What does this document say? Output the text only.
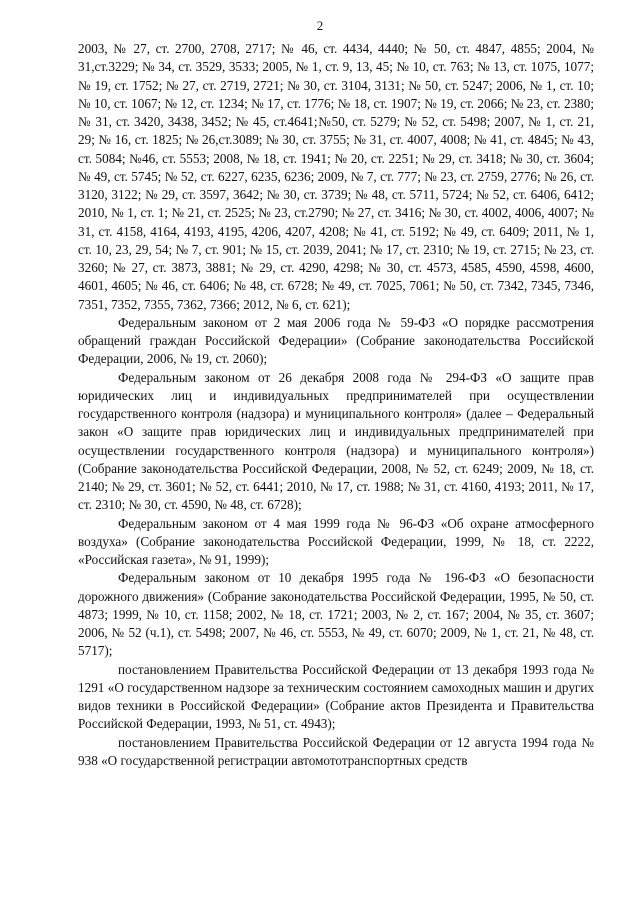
2

2003, № 27, ст. 2700, 2708, 2717; № 46, ст. 4434, 4440; № 50, ст. 4847, 4855; 2004, № 31,ст.3229; № 34, ст. 3529, 3533; 2005, № 1, ст. 9, 13, 45; № 10, ст. 763; № 13, ст. 1075, 1077; № 19, ст. 1752; № 27, ст. 2719, 2721; № 30, ст. 3104, 3131; № 50, ст. 5247; 2006, № 1, ст. 10; № 10, ст. 1067; № 12, ст. 1234; № 17, ст. 1776; № 18, ст. 1907; № 19, ст. 2066; № 23, ст. 2380; № 31, ст. 3420, 3438, 3452; № 45, ст.4641;№50, ст. 5279; № 52, ст. 5498; 2007, № 1, ст. 21, 29; № 16, ст. 1825; № 26,ст.3089; № 30, ст. 3755; № 31, ст. 4007, 4008; № 41, ст. 4845; № 43, ст. 5084; №46, ст. 5553; 2008, № 18, ст. 1941; № 20, ст. 2251; № 29, ст. 3418; № 30, ст. 3604; № 49, ст. 5745; № 52, ст. 6227, 6235, 6236; 2009, № 7, ст. 777; № 23, ст. 2759, 2776; № 26, ст. 3120, 3122; № 29, ст. 3597, 3642; № 30, ст. 3739; № 48, ст. 5711, 5724; № 52, ст. 6406, 6412; 2010, № 1, ст. 1; № 21, ст. 2525; № 23, ст.2790; № 27, ст. 3416; № 30, ст. 4002, 4006, 4007; № 31, ст. 4158, 4164, 4193, 4195, 4206, 4207, 4208; № 41, ст. 5192; № 49, ст. 6409; 2011, № 1, ст. 10, 23, 29, 54; № 7, ст. 901; № 15, ст. 2039, 2041; № 17, ст. 2310; № 19, ст. 2715; № 23, ст. 3260; № 27, ст. 3873, 3881; № 29, ст. 4290, 4298; № 30, ст. 4573, 4585, 4590, 4598, 4600, 4601, 4605; № 46, ст. 6406; № 48, ст. 6728; № 49, ст. 7025, 7061; № 50, ст. 7342, 7345, 7346, 7351, 7352, 7355, 7362, 7366; 2012, № 6, ст. 621);

Федеральным законом от 2 мая 2006 года № 59-ФЗ «О порядке рассмотрения обращений граждан Российской Федерации» (Собрание законодательства Российской Федерации, 2006, № 19, ст. 2060);

Федеральным законом от 26 декабря 2008 года № 294-ФЗ «О защите прав юридических лиц и индивидуальных предпринимателей при осуществлении государственного контроля (надзора) и муниципального контроля» (далее – Федеральный закон «О защите прав юридических лиц и индивидуальных предпринимателей при осуществлении государственного контроля (надзора) и муниципального контроля») (Собрание законодательства Российской Федерации, 2008, № 52, ст. 6249; 2009, № 18, ст. 2140; № 29, ст. 3601; № 52, ст. 6441; 2010, № 17, ст. 1988; № 31, ст. 4160, 4193; 2011, № 17, ст. 2310; № 30, ст. 4590, № 48, ст. 6728);

Федеральным законом от 4 мая 1999 года № 96-ФЗ «Об охране атмосферного воздуха» (Собрание законодательства Российской Федерации, 1999, № 18, ст. 2222, «Российская газета», № 91, 1999);

Федеральным законом от 10 декабря 1995 года № 196-ФЗ «О безопасности дорожного движения» (Собрание законодательства Российской Федерации, 1995, № 50, ст. 4873; 1999, № 10, ст. 1158; 2002, № 18, ст. 1721; 2003, № 2, ст. 167; 2004, № 35, ст. 3607; 2006, № 52 (ч.1), ст. 5498; 2007, № 46, ст. 5553, № 49, ст. 6070; 2009, № 1, ст. 21, № 48, ст. 5717);

постановлением Правительства Российской Федерации от 13 декабря 1993 года № 1291 «О государственном надзоре за техническим состоянием самоходных машин и других видов техники в Российской Федерации» (Собрание актов Президента и Правительства Российской Федерации, 1993, № 51, ст. 4943);

постановлением Правительства Российской Федерации от 12 августа 1994 года № 938 «О государственной регистрации автомототранспортных средств
